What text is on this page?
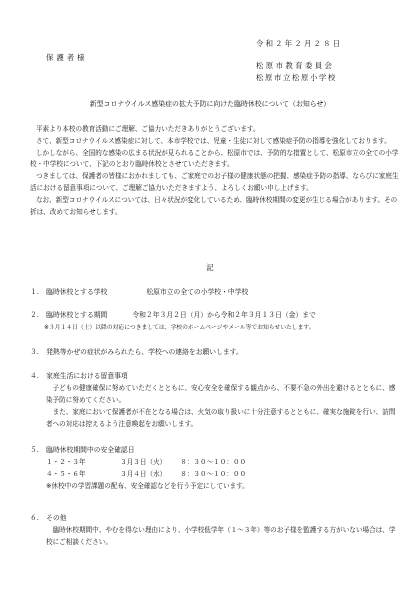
令和２年２月２８日
保護者様
松原市教育委員会
松原市立松原小学校
新型コロナウイルス感染症の拡大予防に向けた臨時休校について（お知らせ）

平素より本校の教育活動にご理解、ご協力いただきありがとうございます。

さて、新型コロナウイルス感染症に対して、本市学校では、児童・生徒に対して感染症予防の指導を強化しております。

しかしながら、全国的な感染の広まる状況が見られることから、松原市では、予防的な措置として、松原市立の全ての小学校・中学校について、下記のとおり臨時休校とさせていただきます。

つきましては、保護者の皆様におかれましても、ご家庭でのお子様の健康状態の把握、感染症予防の指導、ならびに家庭生活における留意事項について、ご理解ご協力いただきますよう、よろしくお願い申し上げます。

なお、新型コロナウイルスについては、日々状況が変化しているため、臨時休校期間の変更が生じる場合があります。その折は、改めてお知らせします。

記
１. 臨時休校とする学校	松原市立の全ての小学校・中学校
２. 臨時休校とする期間	令和２年３月２日（月）から令和２年３月１３日（金）まで
※３月１４日（土）以降の対応につきましては、学校のホームページやメール等でお知らせいたします。
３. 発熱等かぜの症状がみられたら、学校への連絡をお願いします。
４. 家庭生活における留意事項

子どもの健康確保に努めていただくとともに、安心安全を確保する観点から、不要不急の外出を避けるとともに、感染予防に努めてください。

また、家庭において保護者が不在となる場合は、火気の取り扱いに十分注意するとともに、確実な施錠を行い、訪問者への対応は控えるよう注意喚起をお願いします。

５. 臨時休校期間中の安全確認日
１・２・３年	３月３日（火） ８：３０～１０：００
４・５・６年	３月４日（水） ８：３０～１０：００

※休校中の学習課題の配布、安全確認などを行う予定にしています。

６. その他

臨時休校期間中、やむを得ない理由により、小学校低学年（１～３年）等のお子様を監護する方がいない場合は、学校にご相談ください。
